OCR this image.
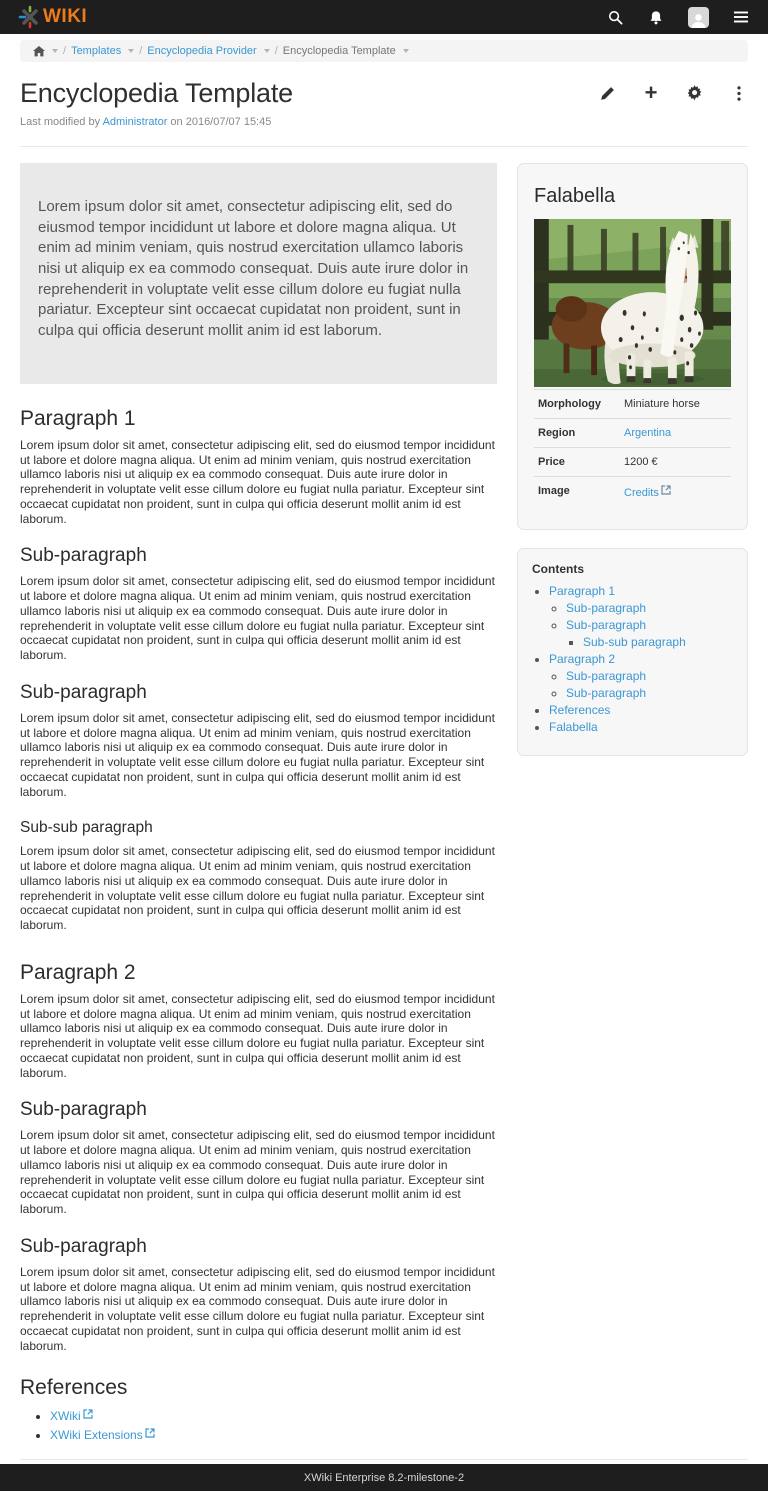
WIKI
/ Templates / Encyclopedia Provider / Encyclopedia Template
Encyclopedia Template	+
Last modified by Administrator on 2016/07/07 15:45
Lorem ipsum dolor sit amet, consectetur adipiscing elit, sed do eiusmod tempor incididunt ut labore et dolore magna aliqua. Ut enim ad minim veniam, quis nostrud exercitation ullamco laboris nisi ut aliquip ex ea commodo consequat. Duis aute irure dolor in reprehenderit in voluptate velit esse cillum dolore eu fugiat nulla pariatur. Excepteur sint occaecat cupidatat non proident, sunt in culpa qui officia deserunt mollit anim id est laborum.
Paragraph 1

Lorem ipsum dolor sit amet, consectetur adipiscing elit, sed do eiusmod tempor incididunt ut labore et dolore magna aliqua. Ut enim ad minim veniam, quis nostrud exercitation ullamco laboris nisi ut aliquip ex ea commodo consequat. Duis aute irure dolor in reprehenderit in voluptate velit esse cillum dolore eu fugiat nulla pariatur. Excepteur sint occaecat cupidatat non proident, sunt in culpa qui officia deserunt mollit anim id est laborum.

Sub-paragraph

Lorem ipsum dolor sit amet, consectetur adipiscing elit, sed do eiusmod tempor incididunt ut labore et dolore magna aliqua. Ut enim ad minim veniam, quis nostrud exercitation ullamco laboris nisi ut aliquip ex ea commodo consequat. Duis aute irure dolor in reprehenderit in voluptate velit esse cillum dolore eu fugiat nulla pariatur. Excepteur sint occaecat cupidatat non proident, sunt in culpa qui officia deserunt mollit anim id est laborum.

Sub-paragraph

Lorem ipsum dolor sit amet, consectetur adipiscing elit, sed do eiusmod tempor incididunt ut labore et dolore magna aliqua. Ut enim ad minim veniam, quis nostrud exercitation ullamco laboris nisi ut aliquip ex ea commodo consequat. Duis aute irure dolor in reprehenderit in voluptate velit esse cillum dolore eu fugiat nulla pariatur. Excepteur sint occaecat cupidatat non proident, sunt in culpa qui officia deserunt mollit anim id est laborum.

Sub-sub paragraph

Lorem ipsum dolor sit amet, consectetur adipiscing elit, sed do eiusmod tempor incididunt ut labore et dolore magna aliqua. Ut enim ad minim veniam, quis nostrud exercitation ullamco laboris nisi ut aliquip ex ea commodo consequat. Duis aute irure dolor in reprehenderit in voluptate velit esse cillum dolore eu fugiat nulla pariatur. Excepteur sint occaecat cupidatat non proident, sunt in culpa qui officia deserunt mollit anim id est laborum.

Paragraph 2

Lorem ipsum dolor sit amet, consectetur adipiscing elit, sed do eiusmod tempor incididunt ut labore et dolore magna aliqua. Ut enim ad minim veniam, quis nostrud exercitation ullamco laboris nisi ut aliquip ex ea commodo consequat. Duis aute irure dolor in reprehenderit in voluptate velit esse cillum dolore eu fugiat nulla pariatur. Excepteur sint occaecat cupidatat non proident, sunt in culpa qui officia deserunt mollit anim id est laborum.

Sub-paragraph

Lorem ipsum dolor sit amet, consectetur adipiscing elit, sed do eiusmod tempor incididunt ut labore et dolore magna aliqua. Ut enim ad minim veniam, quis nostrud exercitation ullamco laboris nisi ut aliquip ex ea commodo consequat. Duis aute irure dolor in reprehenderit in voluptate velit esse cillum dolore eu fugiat nulla pariatur. Excepteur sint occaecat cupidatat non proident, sunt in culpa qui officia deserunt mollit anim id est laborum.

Sub-paragraph

Lorem ipsum dolor sit amet, consectetur adipiscing elit, sed do eiusmod tempor incididunt ut labore et dolore magna aliqua. Ut enim ad minim veniam, quis nostrud exercitation ullamco laboris nisi ut aliquip ex ea commodo consequat. Duis aute irure dolor in reprehenderit in voluptate velit esse cillum dolore eu fugiat nulla pariatur. Excepteur sint occaecat cupidatat non proident, sunt in culpa qui officia deserunt mollit anim id est laborum.

References
• XWiki
• XWiki Extensions
Falabella
Morphology	Miniature horse
Region	Argentina
Price	1200 €
Image	Credits
Contents
• Paragraph 1
◦ Sub-paragraph
◦ Sub-paragraph
▪ Sub-sub paragraph
• Paragraph 2
◦ Sub-paragraph
◦ Sub-paragraph
• References
• Falabella

XWiki Enterprise 8.2-milestone-2
